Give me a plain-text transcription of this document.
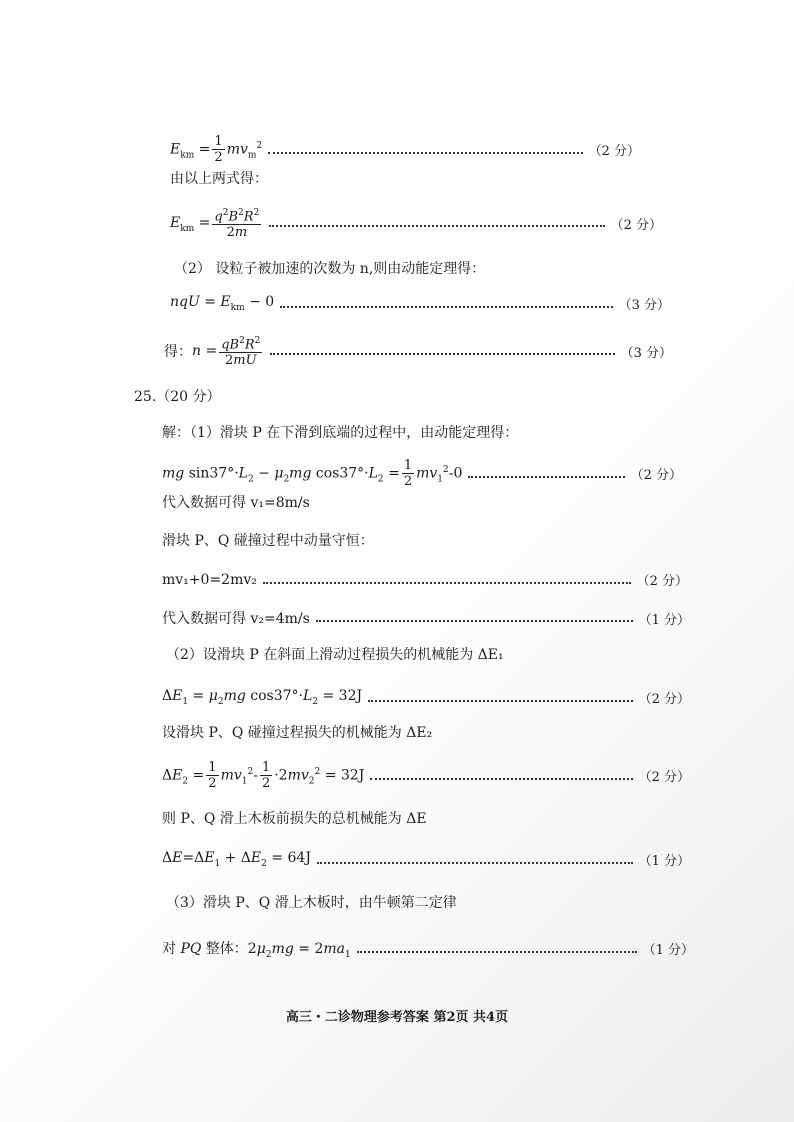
$E_{km} = \frac{1}{2} mv_m^2$	（2 分）
由以上两式得：
$E_{km} = \frac{q^2B^2R^2}{2m}$	（2 分）
（2） 设粒子被加速的次数为 n,则由动能定理得：
nqU = $E_{km} - 0$	（3 分）
得： $n = \frac{qB^2R^2}{2mU}$	（3 分）
25.（20 分）
解：（1）滑块 P 在下滑到底端的过程中，由动能定理得：
mg $\sin 37^\circ\cdot L_2 - \mu_2mg$ $\cos 37^\circ\cdot L_2 = \frac{1}{2} mv_1^2-0$	（2 分）
代入数据可得 v₁=8m/s
滑块 P、Q 碰撞过程中动量守恒：
mv₁+0=2mv₂	（2 分）
代入数据可得 v₂=4m/s	（1 分）
（2）设滑块 P 在斜面上滑动过程损失的机械能为 ΔE₁
$\Delta E_1 = \mu_2mg$ $\cos 37^\circ\cdot L_2 = 32J$	（2 分）
设滑块 P、Q 碰撞过程损失的机械能为 ΔE₂
$\Delta E_2 = \frac{1}{2} mv_1^2- \frac{1}{2} \cdot 2mv_2^2 = 32J$	（2 分）
则 P、Q 滑上木板前损失的总机械能为 ΔE
$\Delta E=\Delta E_1 + \Delta E_2 = 64J$	（1 分）
（3）滑块 P、Q 滑上木板时，由牛顿第二定律
对 PQ 整体：$2\mu_2mg = 2ma_1$	（1 分）
高三・二诊物理参考答案 第2页 共4页
